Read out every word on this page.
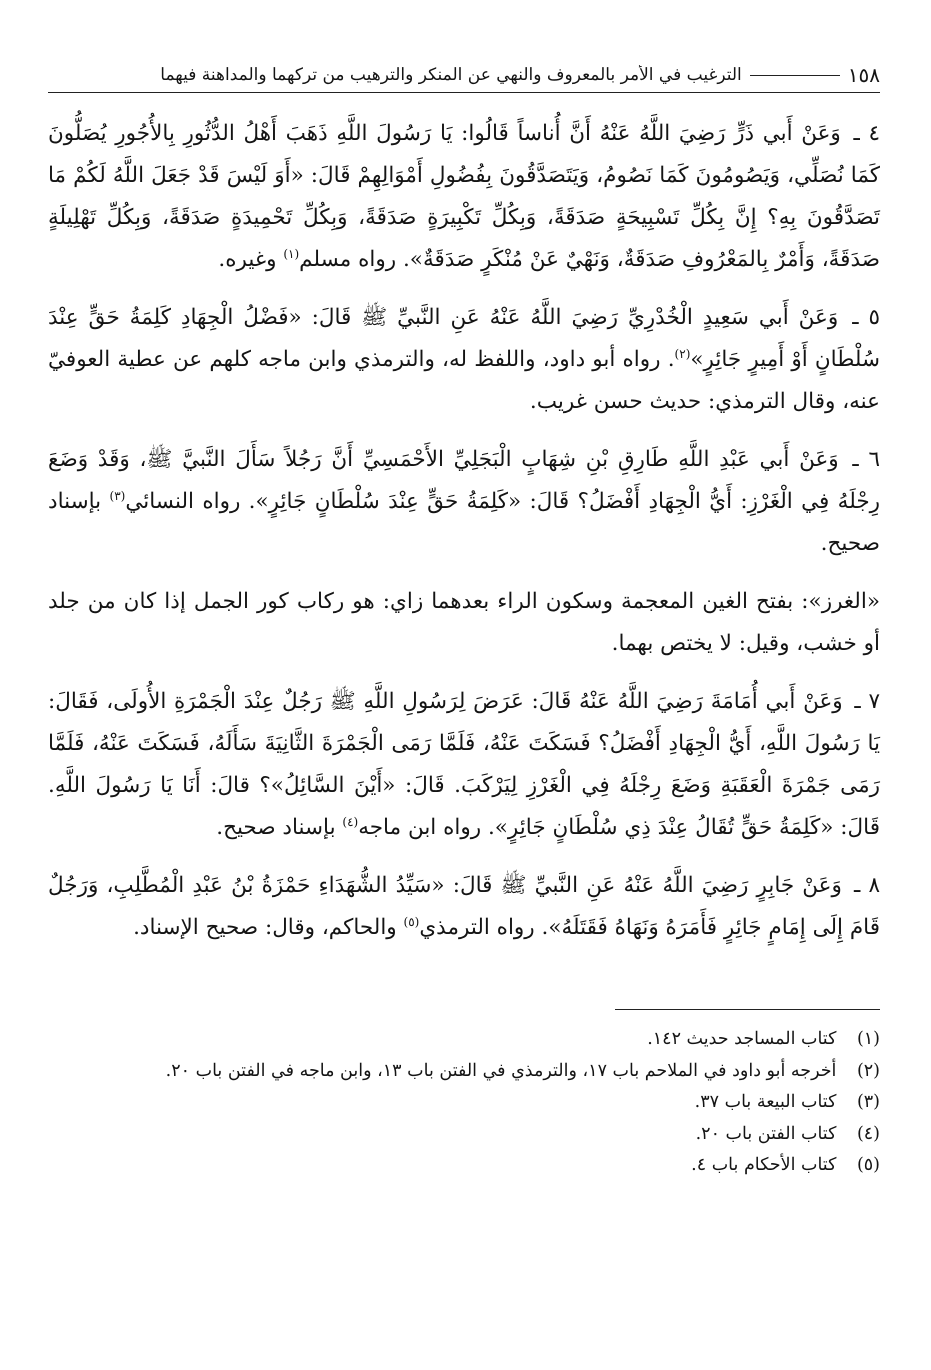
١٥٨
الترغيب في الأمر بالمعروف والنهي عن المنكر والترهيب من تركهما والمداهنة فيهما

٤ ـ وَعَنْ أَبي ذَرٍّ رَضِيَ اللَّهُ عَنْهُ أَنَّ أُناساً قَالُوا: يَا رَسُولَ اللَّهِ ذَهَبَ أَهْلُ الدُّثُورِ بِالأُجُورِ يُصَلُّونَ كَمَا نُصَلِّي، وَيَصُومُونَ كَمَا نَصُومُ، وَيَتَصَدَّقُونَ بِفُضُولِ أَمْوَالِهِمْ قَالَ: «أَوَ لَيْسَ قَدْ جَعَلَ اللَّهُ لَكُمْ مَا تَصَدَّقُونَ بِهِ؟ إِنَّ بِكُلِّ تَسْبِيحَةٍ صَدَقَةً، وَبِكُلِّ تَكْبِيرَةٍ صَدَقَةً، وَبِكُلِّ تَحْمِيدَةٍ صَدَقَةً، وَبِكُلِّ تَهْلِيلَةٍ صَدَقَةً، وَأَمْرٌ بِالمَعْرُوفِ صَدَقَةٌ، وَنَهْيٌ عَنْ مُنْكَرٍ صَدَقَةٌ». رواه مسلم$^{(١)}$ وغيره.

٥ ـ وَعَنْ أَبي سَعِيدٍ الْخُدْرِيِّ رَضِيَ اللَّهُ عَنْهُ عَنِ النَّبيِّ ﷺ قَالَ: «فَضْلُ الْجِهَادِ كَلِمَةُ حَقٍّ عِنْدَ سُلْطَانٍ أَوْ أَمِيرٍ جَائِرٍ»$^{(٢)}$. رواه أبو داود، واللفظ له، والترمذي وابن ماجه كلهم عن عطية العوفيّ عنه، وقال الترمذي: حديث حسن غريب.

٦ ـ وَعَنْ أَبي عَبْدِ اللَّهِ طَارِقِ بْنِ شِهَابٍ الْبَجَلِيِّ الأَحْمَسِيِّ أَنَّ رَجُلاً سَأَلَ النَّبيَّ ﷺ، وَقَدْ وَضَعَ رِجْلَهُ فِي الْغَرْزِ: أَيُّ الْجِهَادِ أَفْضَلُ؟ قَالَ: «كَلِمَةُ حَقٍّ عِنْدَ سُلْطَانٍ جَائِرٍ». رواه النسائي$^{(٣)}$ بإسناد صحيح.

«الغرز»: بفتح الغين المعجمة وسكون الراء بعدهما زاي: هو ركاب كور الجمل إذا كان من جلد أو خشب، وقيل: لا يختص بهما.

٧ ـ وَعَنْ أَبي أُمَامَةَ رَضِيَ اللَّهُ عَنْهُ قَالَ: عَرَضَ لِرَسُولِ اللَّهِ ﷺ رَجُلٌ عِنْدَ الْجَمْرَةِ الأُولَى، فَقَالَ: يَا رَسُولَ اللَّهِ، أَيُّ الْجِهَادِ أَفْضَلُ؟ فَسَكَتَ عَنْهُ، فَلَمَّا رَمَى الْجَمْرَةَ الثَّانِيَةَ سَأَلَهُ، فَسَكَتَ عَنْهُ، فَلَمَّا رَمَى جَمْرَةَ الْعَقَبَةِ وَضَعَ رِجْلَهُ فِي الْغَرْزِ لِيَرْكَبَ. قَالَ: «أَيْنَ السَّائِلُ»؟ قالَ: أَنَا يَا رَسُولَ اللَّهِ. قَالَ: «كَلِمَةُ حَقٍّ تُقَالُ عِنْدَ ذِي سُلْطَانٍ جَائِرٍ». رواه ابن ماجه$^{(٤)}$ بإسناد صحيح.

٨ ـ وَعَنْ جَابِرٍ رَضِيَ اللَّهُ عَنْهُ عَنِ النَّبيِّ ﷺ قَالَ: «سَيِّدُ الشُّهَدَاءِ حَمْزَةُ بْنُ عَبْدِ الْمُطَّلِبِ، وَرَجُلٌ قَامَ إِلَى إِمَامٍ جَائِرٍ فَأَمَرَهُ وَنَهَاهُ فَقَتَلَهُ». رواه الترمذي$^{(٥)}$ والحاكم، وقال: صحيح الإسناد.

(١) كتاب المساجد حديث ١٤٢.
(٢) أخرجه أبو داود في الملاحم باب ١٧، والترمذي في الفتن باب ١٣، وابن ماجه في الفتن باب ٢٠.
(٣) كتاب البيعة باب ٣٧.
(٤) كتاب الفتن باب ٢٠.
(٥) كتاب الأحكام باب ٤.
